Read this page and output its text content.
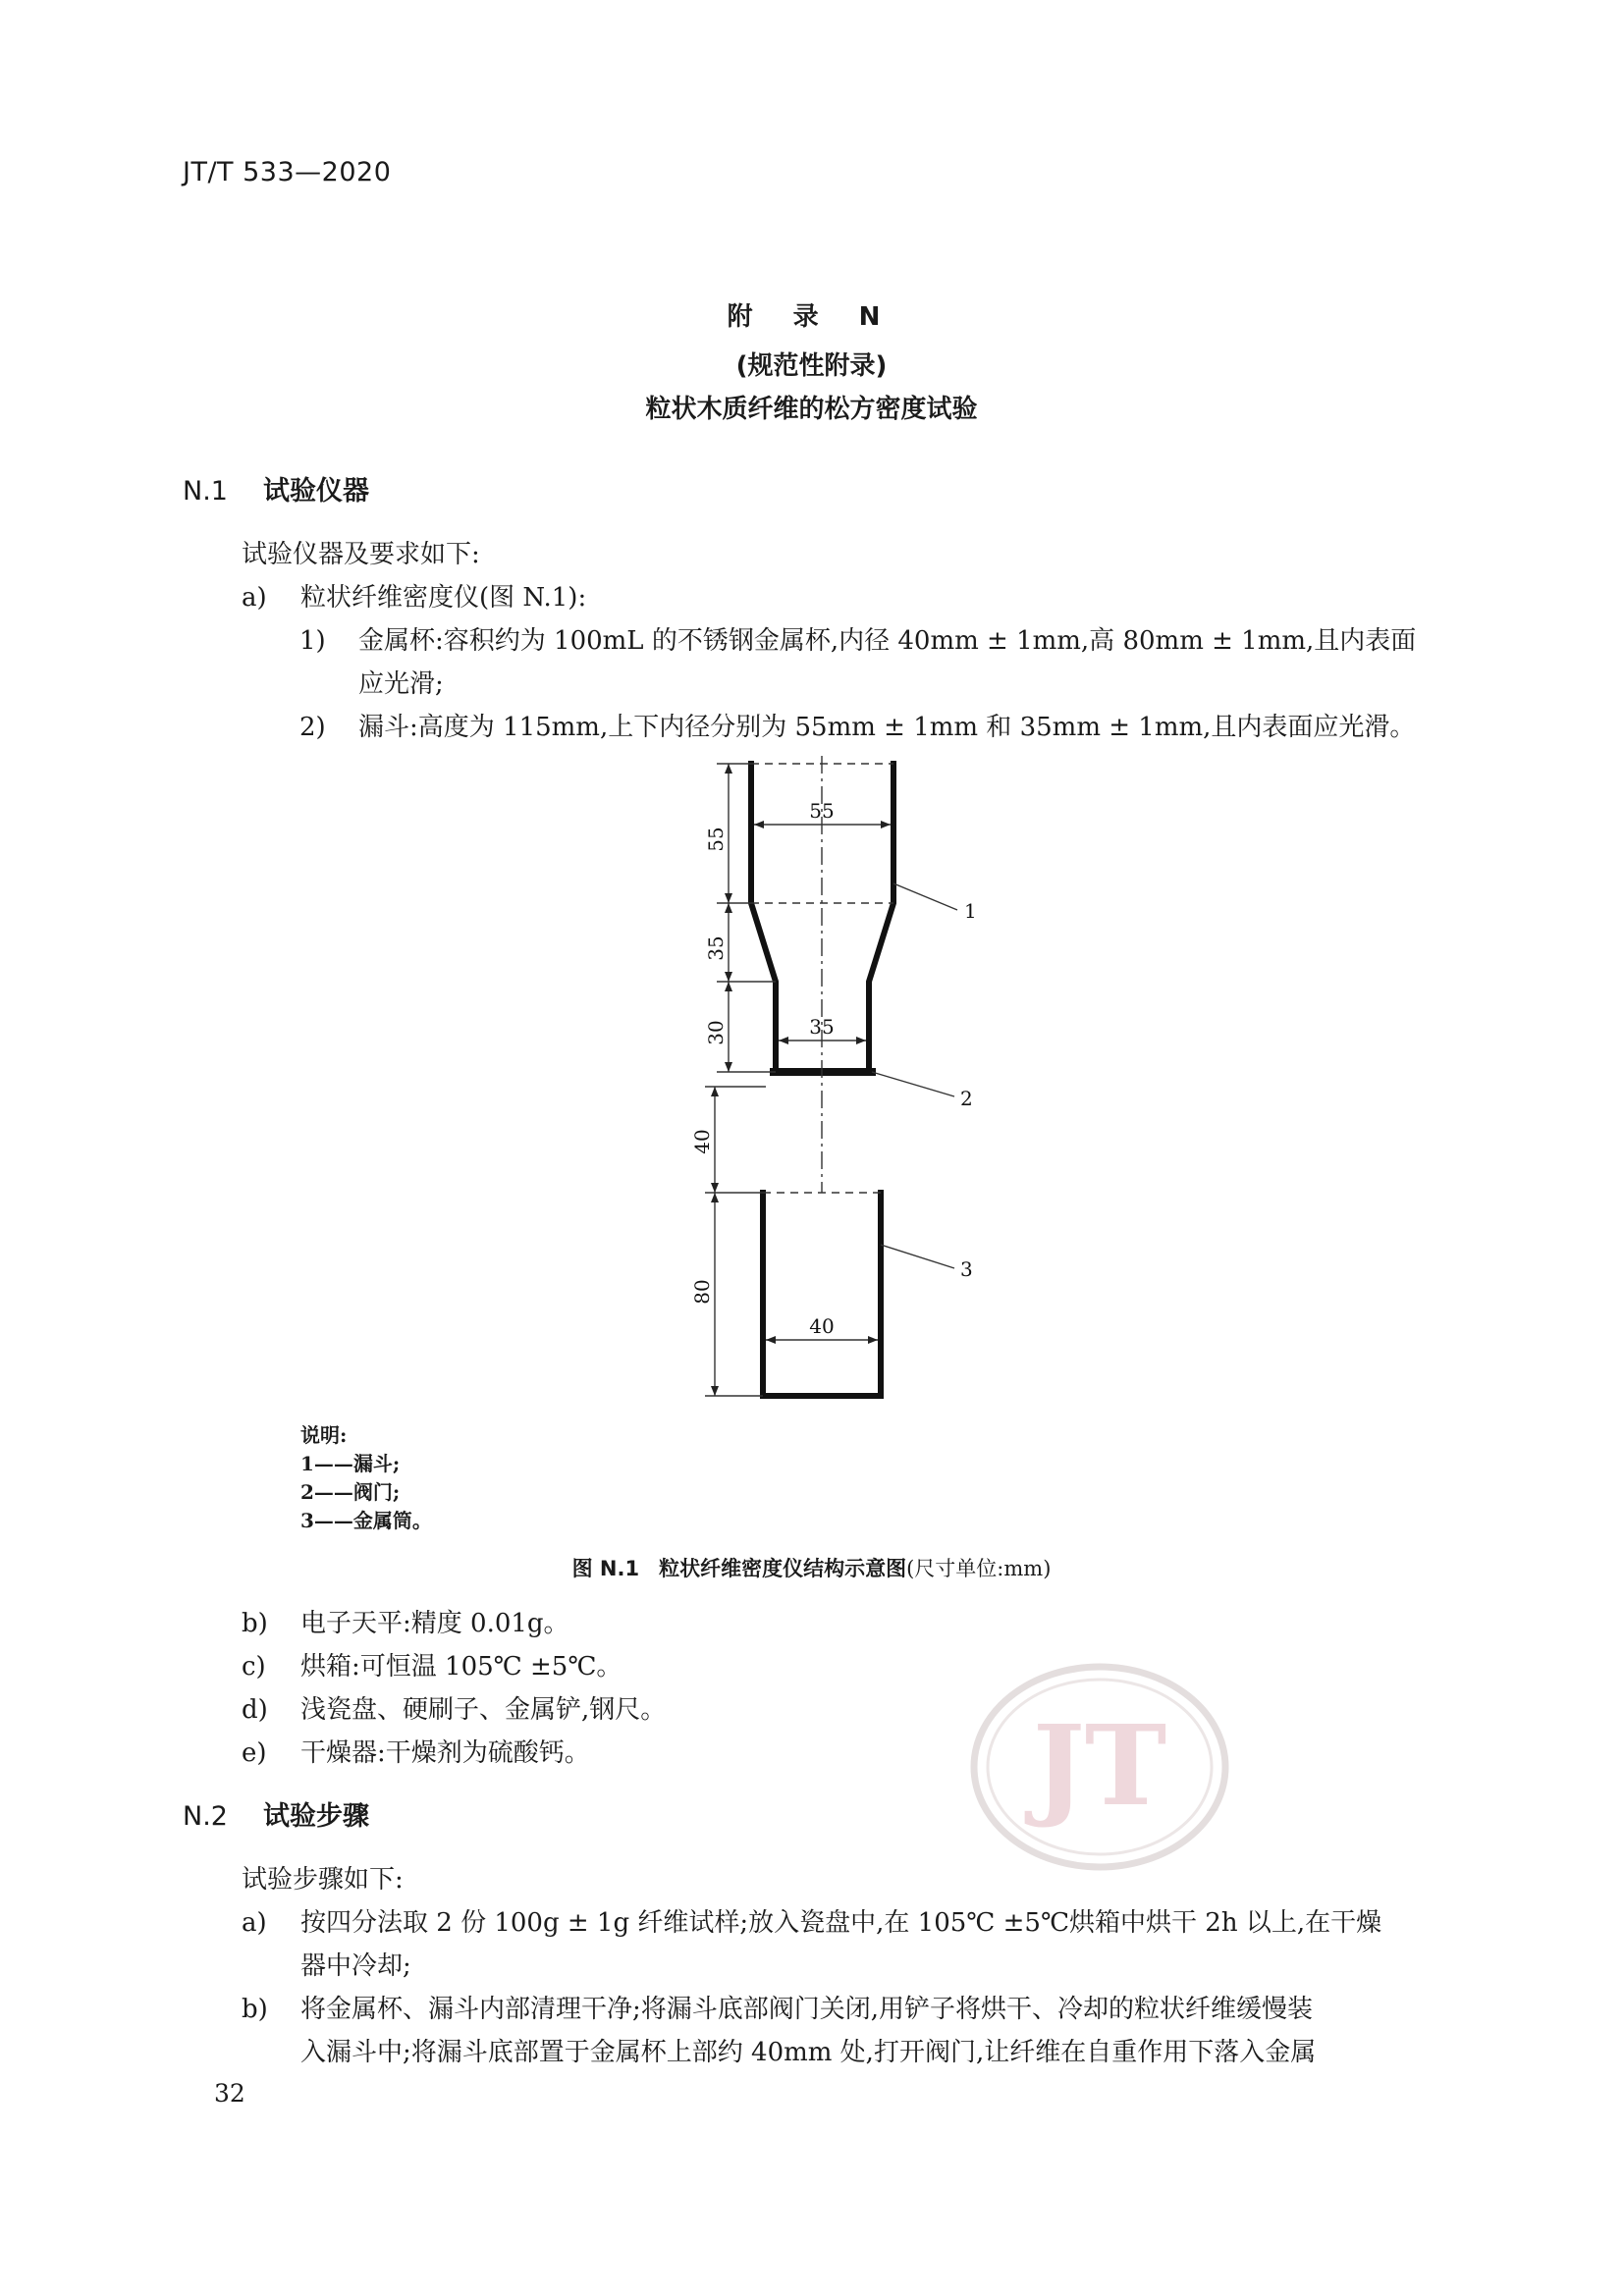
JT/T 533—2020
附 录 N
(规范性附录)
粒状木质纤维的松方密度试验
N.1 试验仪器
试验仪器及要求如下:
a) 粒状纤维密度仪(图 N.1):
1) 金属杯:容积约为 100mL 的不锈钢金属杯,内径 40mm ± 1mm,高 80mm ± 1mm,且内表面
应光滑;
2) 漏斗:高度为 115mm,上下内径分别为 55mm ± 1mm 和 35mm ± 1mm,且内表面应光滑。
55
35
40
55
35
30
40
80
1
2
3
说明:
1——漏斗;
2——阀门;
3——金属筒。
图 N.1 粒状纤维密度仪结构示意图(尺寸单位:mm)
b) 电子天平:精度 0.01g。
c) 烘箱:可恒温 105℃ ±5℃。
d) 浅瓷盘、硬刷子、金属铲,钢尺。
e) 干燥器:干燥剂为硫酸钙。	JT
N.2 试验步骤
试验步骤如下:
a) 按四分法取 2 份 100g ± 1g 纤维试样;放入瓷盘中,在 105℃ ±5℃烘箱中烘干 2h 以上,在干燥
器中冷却;
b) 将金属杯、漏斗内部清理干净;将漏斗底部阀门关闭,用铲子将烘干、冷却的粒状纤维缓慢装
入漏斗中;将漏斗底部置于金属杯上部约 40mm 处,打开阀门,让纤维在自重作用下落入金属
32
